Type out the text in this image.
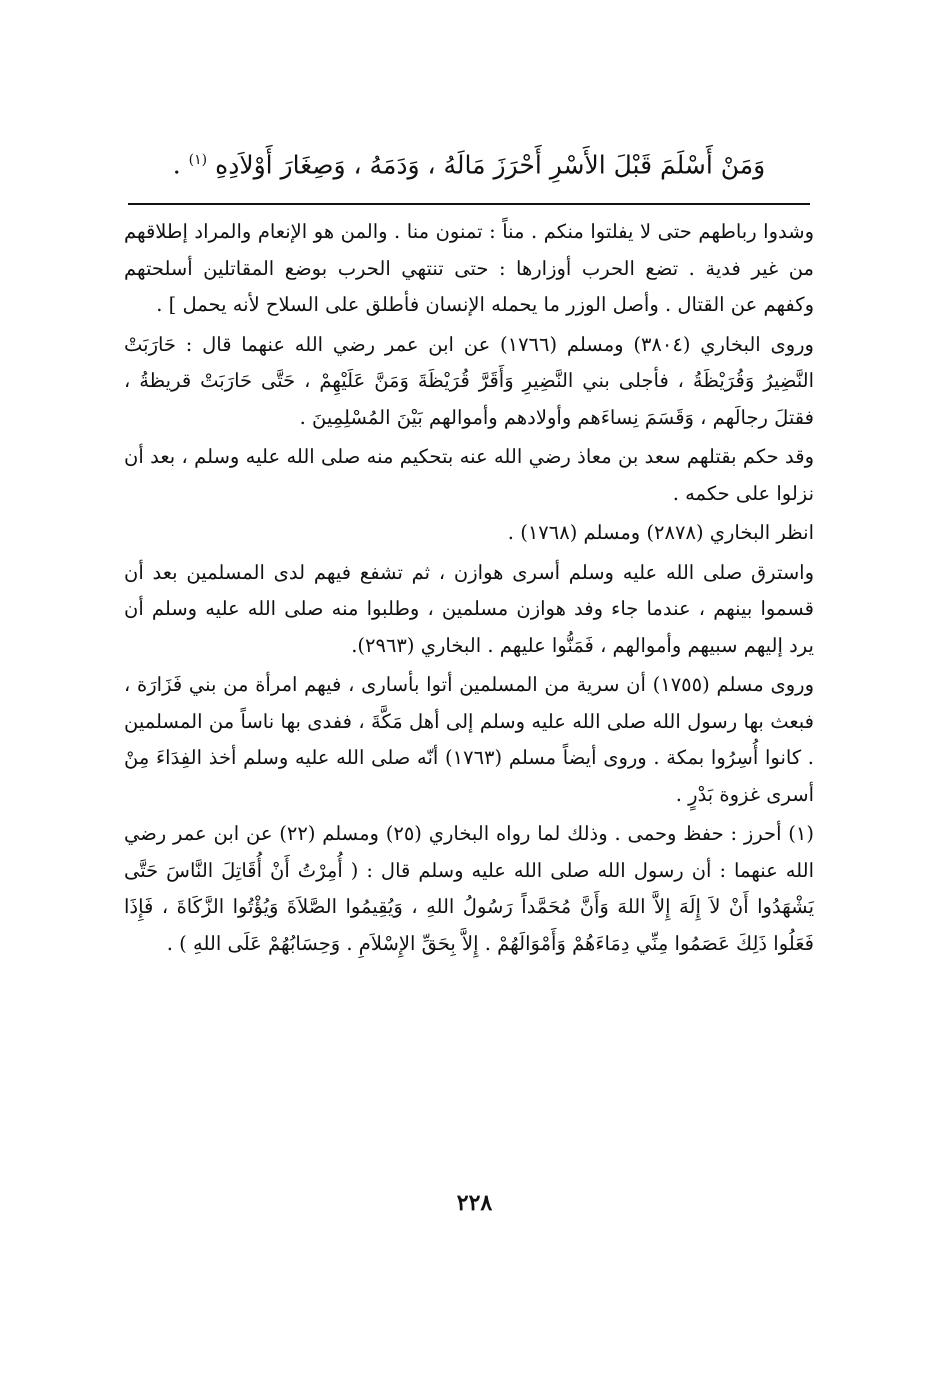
وَمَنْ أَسْلَمَ قَبْلَ الأَسْرِ أَحْرَزَ مَالَهُ ، وَدَمَهُ ، وَصِغَارَ أَوْلاَدِهِ $^{(١)}$ .

وشدوا رباطهم حتى لا يفلتوا منكم . مناً : تمنون منا . والمن هو الإنعام والمراد إطلاقهم من غير فدية . تضع الحرب أوزارها : حتى تنتهي الحرب بوضع المقاتلين أسلحتهم وكفهم عن القتال . وأصل الوزر ما يحمله الإنسان فأطلق على السلاح لأنه يحمل ] .

وروى البخاري (٣٨٠٤) ومسلم (١٧٦٦) عن ابن عمر رضي الله عنهما قال : حَارَبَتْ النَّضِيرُ وَقُرَيْظَةُ ، فأجلى بني النَّضِيرِ وَأَقَرَّ قُرَيْظَةَ وَمَنَّ عَلَيْهِمْ ، حَتَّى حَارَبَتْ قريظةُ ، فقتلَ رجالَهم ، وَقَسَمَ نِساءَهم وأولادهم وأموالهم بَيْنَ المُسْلِمِينَ .

وقد حكم بقتلهم سعد بن معاذ رضي الله عنه بتحكيم منه صلى الله عليه وسلم ، بعد أن نزلوا على حكمه .

انظر البخاري (٢٨٧٨) ومسلم (١٧٦٨) .

واسترق صلى الله عليه وسلم أسرى هوازن ، ثم تشفع فيهم لدى المسلمين بعد أن قسموا بينهم ، عندما جاء وفد هوازن مسلمين ، وطلبوا منه صلى الله عليه وسلم أن يرد إليهم سبيهم وأموالهم ، فَمَنُّوا عليهم . البخاري (٢٩٦٣).

وروى مسلم (١٧٥٥) أن سرية من المسلمين أتوا بأسارى ، فيهم امرأة من بني فَزَارَة ، فبعث بها رسول الله صلى الله عليه وسلم إلى أهل مَكَّةَ ، ففدى بها ناساً من المسلمين . كانوا أُسِرُوا بمكة . وروى أيضاً مسلم (١٧٦٣) أنّه صلى الله عليه وسلم أخذ الفِدَاءَ مِنْ أسرى غزوة بَدْرٍ .

(١) أحرز : حفظ وحمى . وذلك لما رواه البخاري (٢٥) ومسلم (٢٢) عن ابن عمر رضي الله عنهما : أن رسول الله صلى الله عليه وسلم قال : ( أُمِرْتُ أَنْ أُقَاتِلَ النَّاسَ حَتَّى يَشْهَدُوا أَنْ لاَ إِلَهَ إِلاَّ اللهَ وَأَنَّ مُحَمَّداً رَسُولُ اللهِ ، وَيُقِيمُوا الصَّلاَةَ وَيُؤْتُوا الزَّكَاةَ ، فَإِذَا فَعَلُوا ذَلِكَ عَصَمُوا مِنِّي دِمَاءَهُمْ وَأَمْوَالَهُمْ . إِلاَّ بِحَقِّ الإِسْلاَمِ . وَحِسَابُهُمْ عَلَى اللهِ ) .

٢٢٨
